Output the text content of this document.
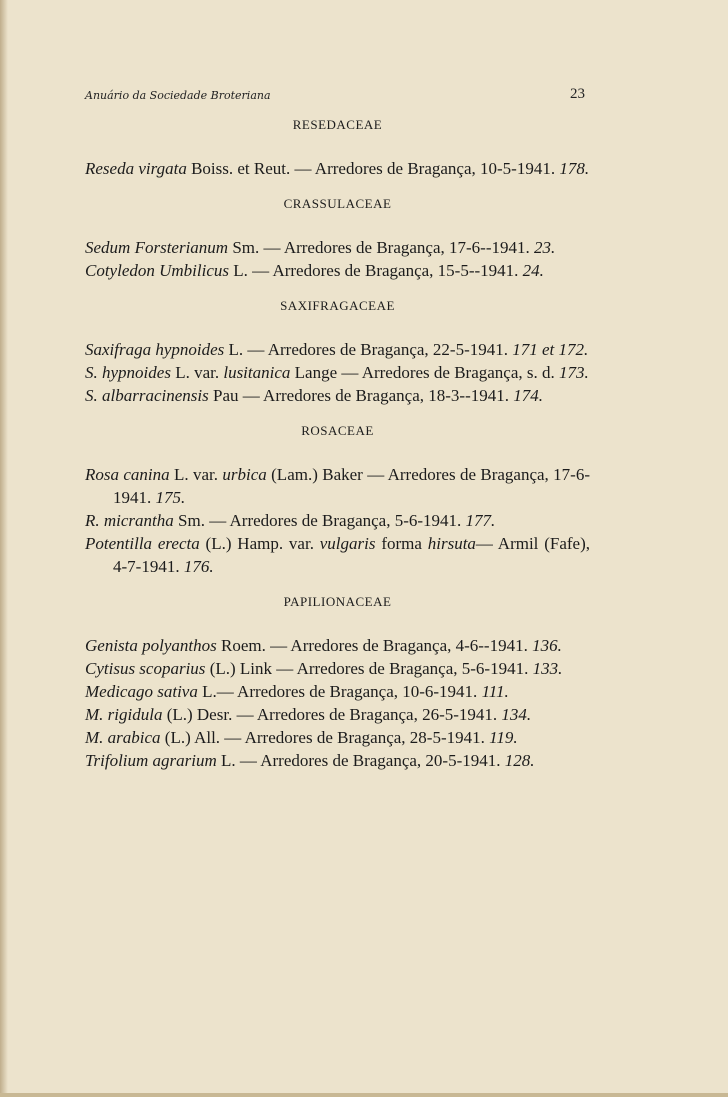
Anuário da Sociedade Broteriana	23
RESEDACEAE
Reseda virgata Boiss. et Reut. — Arredores de Bragança, 10-5-1941. 178.
CRASSULACEAE
Sedum Forsterianum Sm. — Arredores de Bragança, 17-6--1941. 23.
Cotyledon Umbilicus L. — Arredores de Bragança, 15-5--1941. 24.
SAXIFRAGACEAE
Saxifraga hypnoides L. — Arredores de Bragança, 22-5-1941. 171 et 172.
S. hypnoides L. var. lusitanica Lange — Arredores de Bragança, s. d. 173.
S. albarracinensis Pau — Arredores de Bragança, 18-3--1941. 174.
ROSACEAE
Rosa canina L. var. urbica (Lam.) Baker — Arredores de Bragança, 17-6-1941. 175.
R. micrantha Sm. — Arredores de Bragança, 5-6-1941. 177.
Potentilla erecta (L.) Hamp. var. vulgaris forma hirsuta— Armil (Fafe), 4-7-1941. 176.
PAPILIONACEAE
Genista polyanthos Roem. — Arredores de Bragança, 4-6--1941. 136.
Cytisus scoparius (L.) Link — Arredores de Bragança, 5-6-1941. 133.
Medicago sativa L.— Arredores de Bragança, 10-6-1941. 111.
M. rigidula (L.) Desr. — Arredores de Bragança, 26-5-1941. 134.
M. arabica (L.) All. — Arredores de Bragança, 28-5-1941. 119.
Trifolium agrarium L. — Arredores de Bragança, 20-5-1941. 128.
